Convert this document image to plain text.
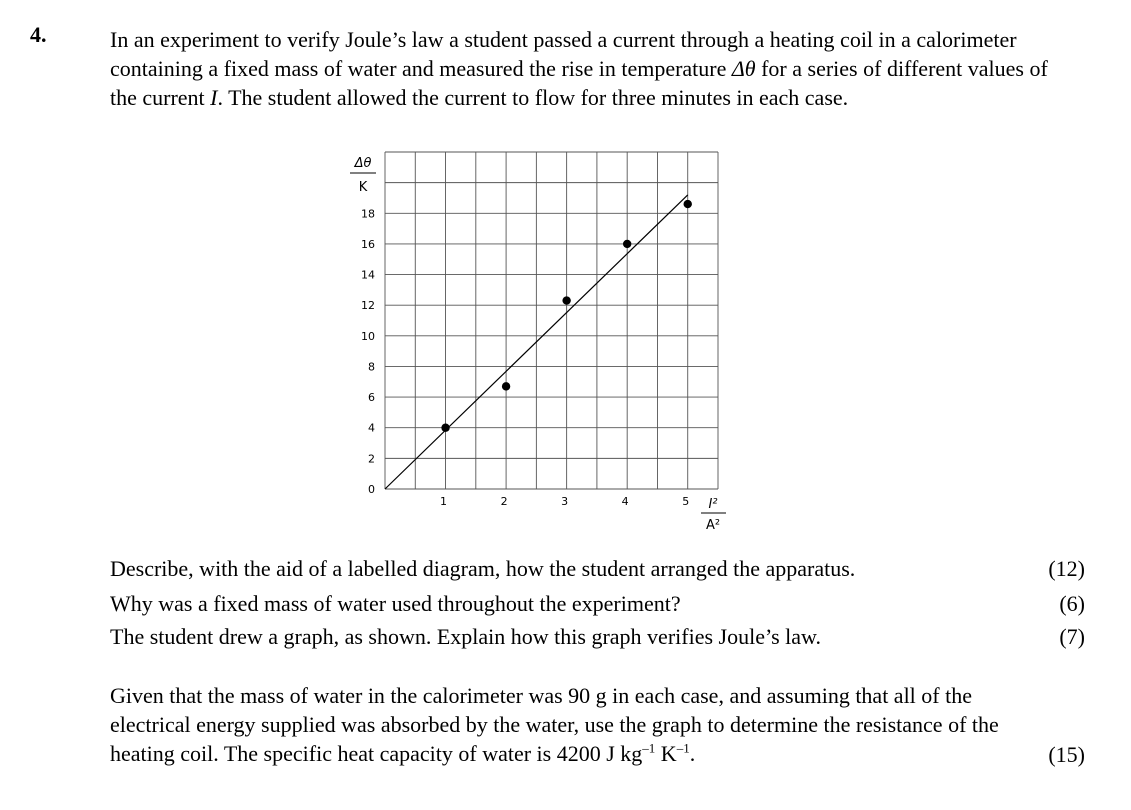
4.	In an experiment to verify Joule’s law a student passed a current through a heating coil in a calorimeter containing a fixed mass of water and measured the rise in temperature Δθ for a series of different values of the current I. The student allowed the current to flow for three minutes in each case.
Δθ
K
I²
A²
0
2
4
6
8
10
12
14
16
18
1	2	3	4	5
Describe, with the aid of a labelled diagram, how the student arranged the apparatus.	(12)
Why was a fixed mass of water used throughout the experiment?	(6)
The student drew a graph, as shown. Explain how this graph verifies Joule’s law.	(7)
Given that the mass of water in the calorimeter was 90 g in each case, and assuming that all of the electrical energy supplied was absorbed by the water, use the graph to determine the resistance of the heating coil. The specific heat capacity of water is 4200 J $kg^{-1}$ $K^{-1}$.	(15)
